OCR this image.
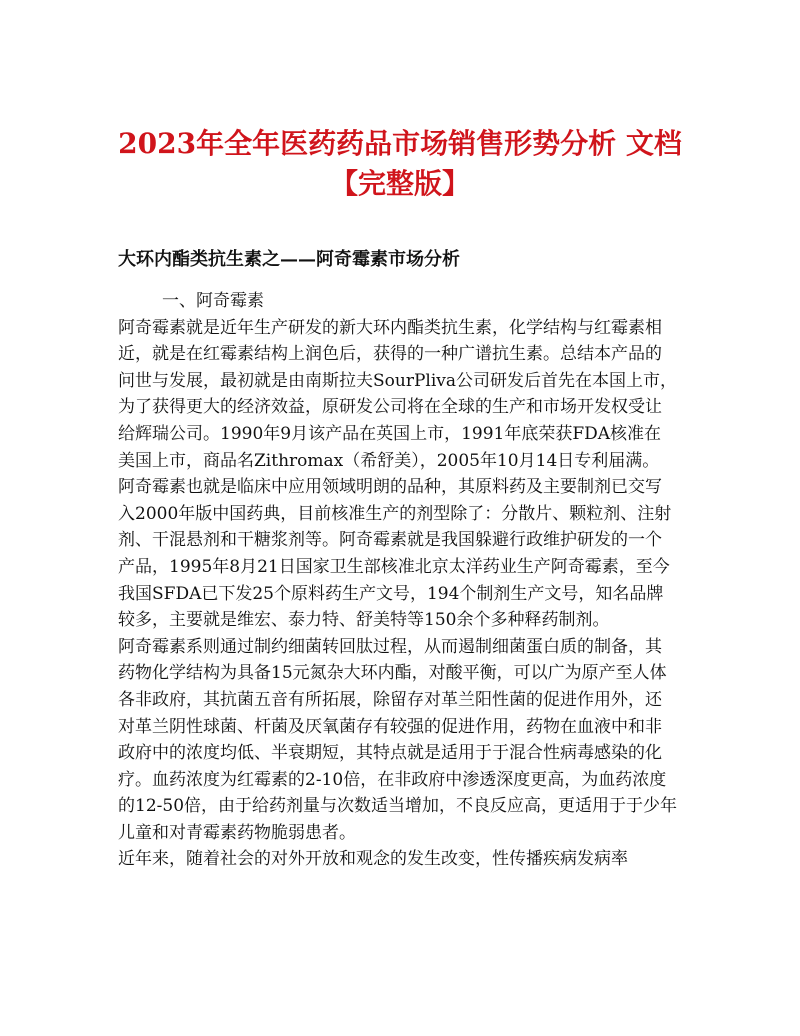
2023年全年医药药品市场销售形势分析 文档【完整版】
大环内酯类抗生素之——阿奇霉素市场分析

一、阿奇霉素

阿奇霉素就是近年生产研发的新大环内酯类抗生素，化学结构与红霉素相近，就是在红霉素结构上润色后，获得的一种广谱抗生素。总结本产品的问世与发展，最初就是由南斯拉夫SourPliva公司研发后首先在本国上市，为了获得更大的经济效益，原研发公司将在全球的生产和市场开发权受让给辉瑞公司。1990年9月该产品在英国上市，1991年底荣获FDA核准在美国上市，商品名Zithromax（希舒美），2005年10月14日专利届满。

阿奇霉素也就是临床中应用领域明朗的品种，其原料药及主要制剂已交写入2000年版中国药典，目前核准生产的剂型除了：分散片、颗粒剂、注射剂、干混悬剂和干糖浆剂等。阿奇霉素就是我国躲避行政维护研发的一个产品，1995年8月21日国家卫生部核准北京太洋药业生产阿奇霉素，至今我国SFDA已下发25个原料药生产文号，194个制剂生产文号，知名品牌较多，主要就是维宏、泰力特、舒美特等150余个多种释药制剂。

阿奇霉素系则通过制约细菌转回肽过程，从而遏制细菌蛋白质的制备，其药物化学结构为具备15元氮杂大环内酯，对酸平衡，可以广为原产至人体各非政府，其抗菌五音有所拓展，除留存对革兰阳性菌的促进作用外，还对革兰阴性球菌、杆菌及厌氧菌存有较强的促进作用，药物在血液中和非政府中的浓度均低、半衰期短，其特点就是适用于于混合性病毒感染的化疗。血药浓度为红霉素的2-10倍，在非政府中渗透深度更高，为血药浓度的12-50倍，由于给药剂量与次数适当增加，不良反应高，更适用于于少年儿童和对青霉素药物脆弱患者。

近年来，随着社会的对外开放和观念的发生改变，性传播疾病发病率
